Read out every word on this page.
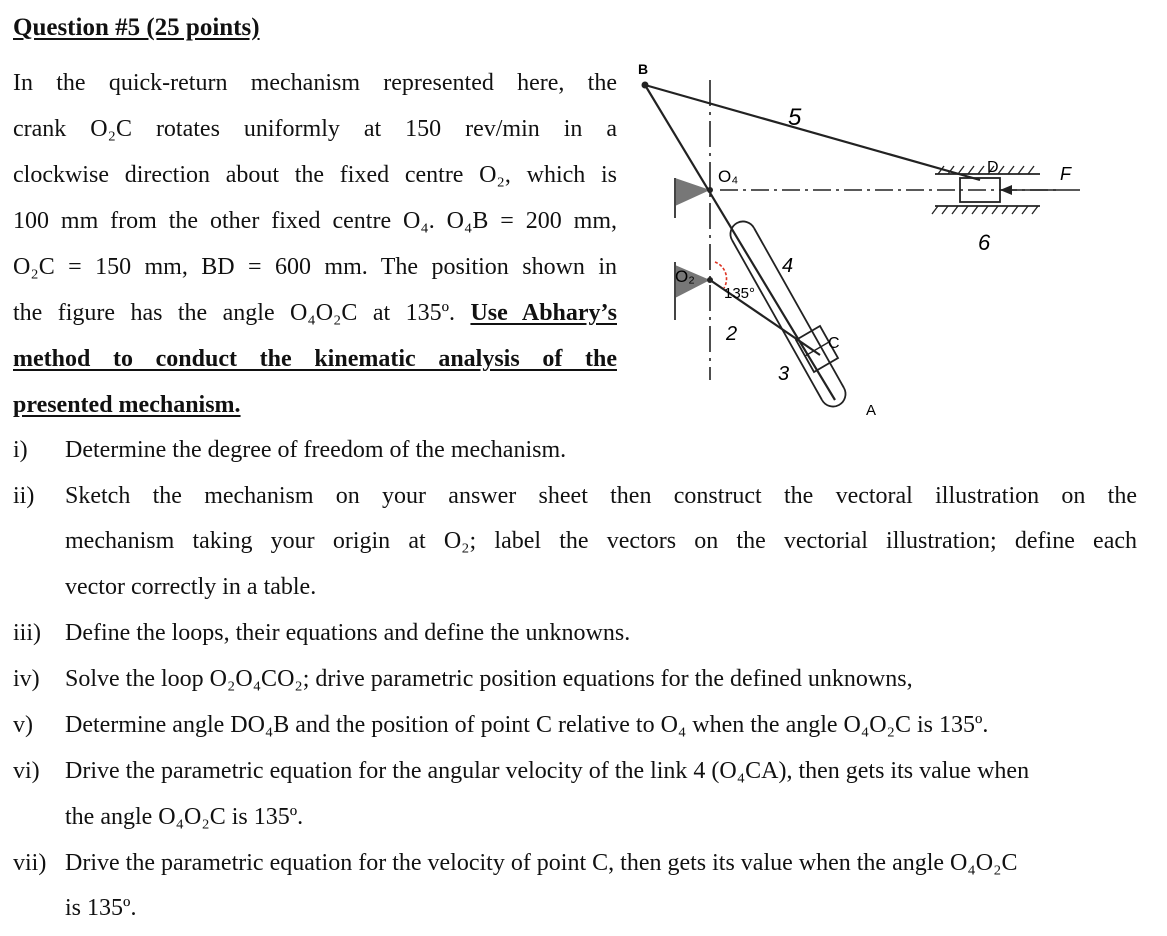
Question #5 (25 points)
In the quick-return mechanism represented here, the
crank O₂C rotates uniformly at 150 rev/min in a
clockwise direction about the fixed centre O₂, which is
100 mm from the other fixed centre O₄. O₄B = 200 mm,
O₂C = 150 mm, BD = 600 mm. The position shown in
the figure has the angle O₄O₂C at 135º. Use Abhary’s
method to conduct the kinematic analysis of the
presented mechanism.
B
O₄
O₂
135°
D	F
C
A
2
3
4
5
6
i)	Determine the degree of freedom of the mechanism.
ii)	Sketch the mechanism on your answer sheet then construct the vectoral illustration on the
mechanism taking your origin at O₂; label the vectors on the vectorial illustration; define each
vector correctly in a table.
iii)	Define the loops, their equations and define the unknowns.
iv)	Solve the loop O₂O₄CO₂; drive parametric position equations for the defined unknowns,
v)	Determine angle DO₄B and the position of point C relative to O₄ when the angle O₄O₂C is 135º.
vi)	Drive the parametric equation for the angular velocity of the link 4 (O₄CA), then gets its value when
the angle O₄O₂C is 135º.
vii) Drive the parametric equation for the velocity of point C, then gets its value when the angle O₄O₂C
is 135º.
